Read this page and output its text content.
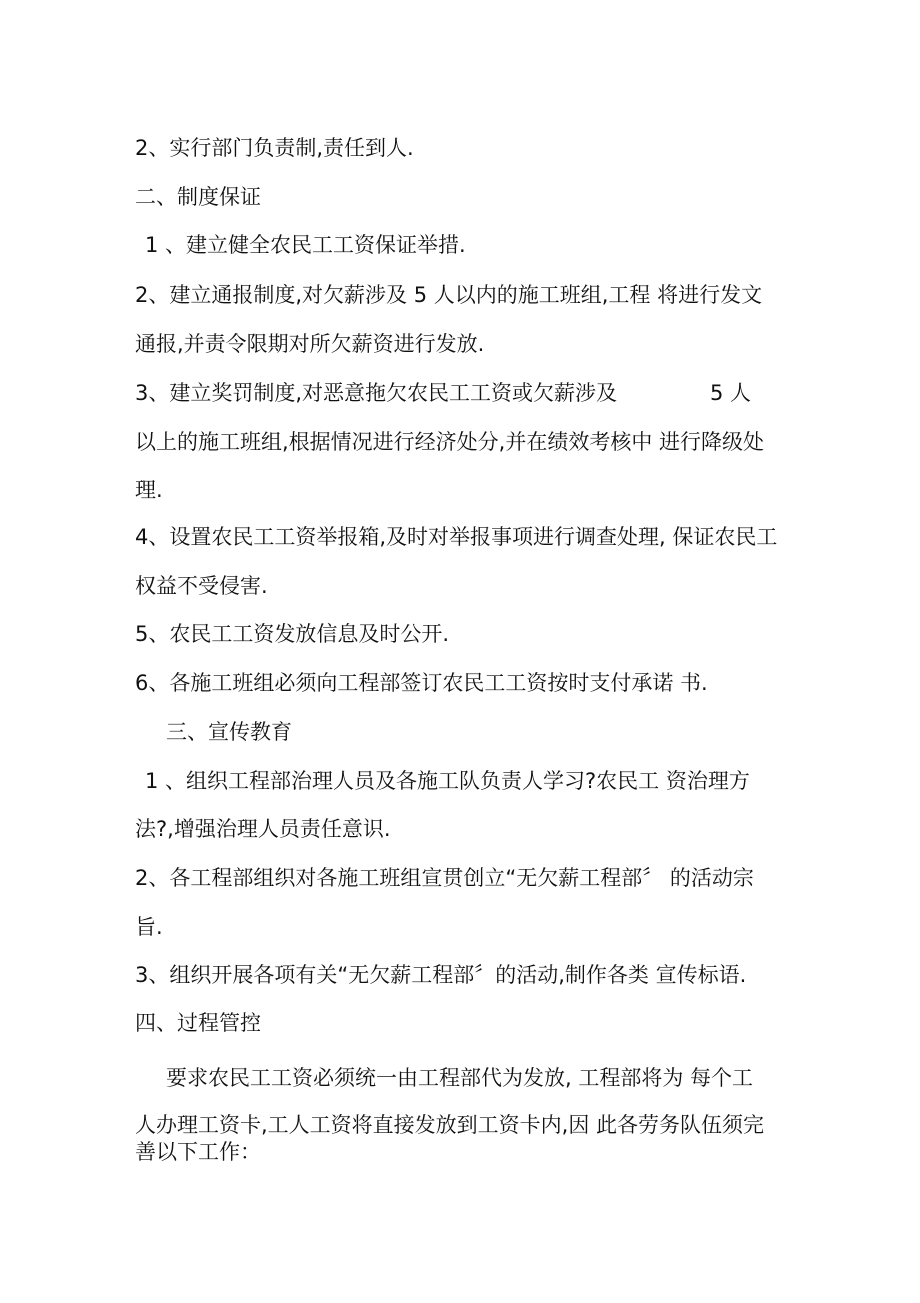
2、实行部门负责制,责任到人.
二、制度保证
1 、建立健全农民工工资保证举措.
2、建立通报制度,对欠薪涉及 5 人以内的施工班组,工程 将进行发文
通报,并责令限期对所欠薪资进行发放.
3、建立奖罚制度,对恶意拖欠农民工工资或欠薪涉及	5 人
以上的施工班组,根据情况进行经济处分,并在绩效考核中 进行降级处
理.
4、设置农民工工资举报箱,及时对举报事项进行调查处理, 保证农民工
权益不受侵害.
5、农民工工资发放信息及时公开.
6、各施工班组必须向工程部签订农民工工资按时支付承诺 书.
三、宣传教育
1 、组织工程部治理人员及各施工队负责人学习?农民工 资治理方
法?,增强治理人员责任意识.
2、各工程部组织对各施工班组宣贯创立“无欠薪工程部〞 的活动宗
旨.
3、组织开展各项有关“无欠薪工程部〞的活动,制作各类 宣传标语.
四、过程管控
要求农民工工资必须统一由工程部代为发放, 工程部将为 每个工
人办理工资卡,工人工资将直接发放到工资卡内,因 此各劳务队伍须完
善以下工作：
